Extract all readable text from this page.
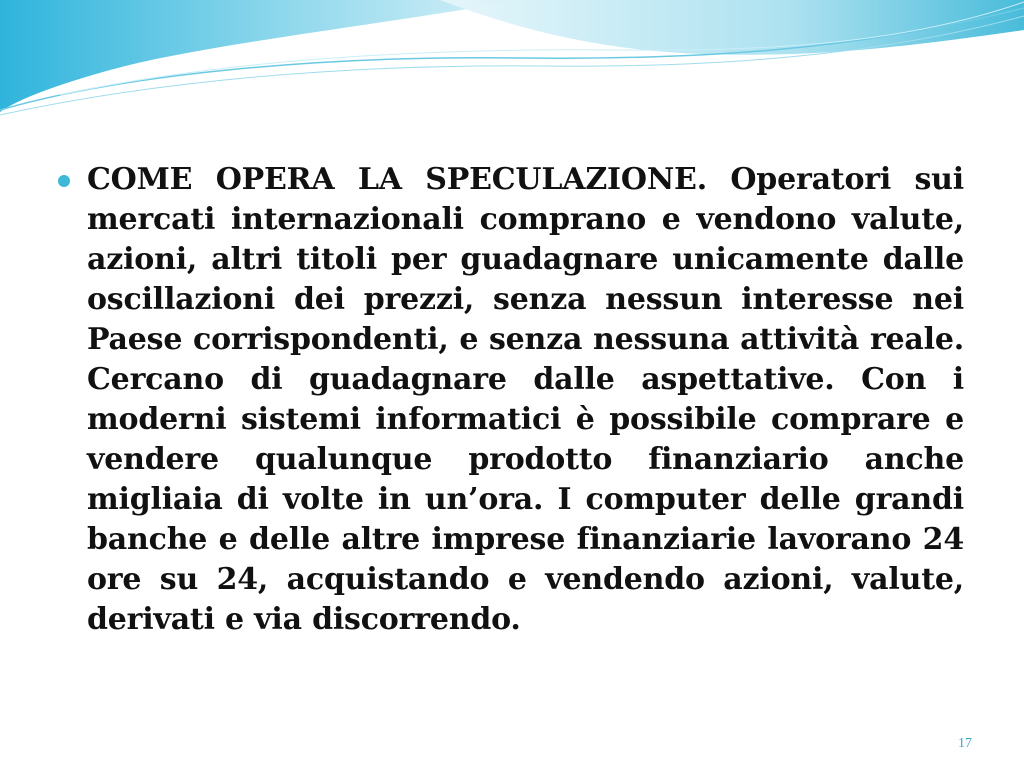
COME OPERA LA SPECULAZIONE. Operatori sui mercati internazionali comprano e vendono valute, azioni, altri titoli per guadagnare unicamente dalle oscillazioni dei prezzi, senza nessun interesse nei Paese corrispondenti, e senza nessuna attività reale. Cercano di guadagnare dalle aspettative. Con i moderni sistemi informatici è possibile comprare e vendere qualunque prodotto finanziario anche migliaia di volte in un’ora. I computer delle grandi banche e delle altre imprese finanziarie lavorano 24 ore su 24, acquistando e vendendo azioni, valute, derivati e via discorrendo.

17
